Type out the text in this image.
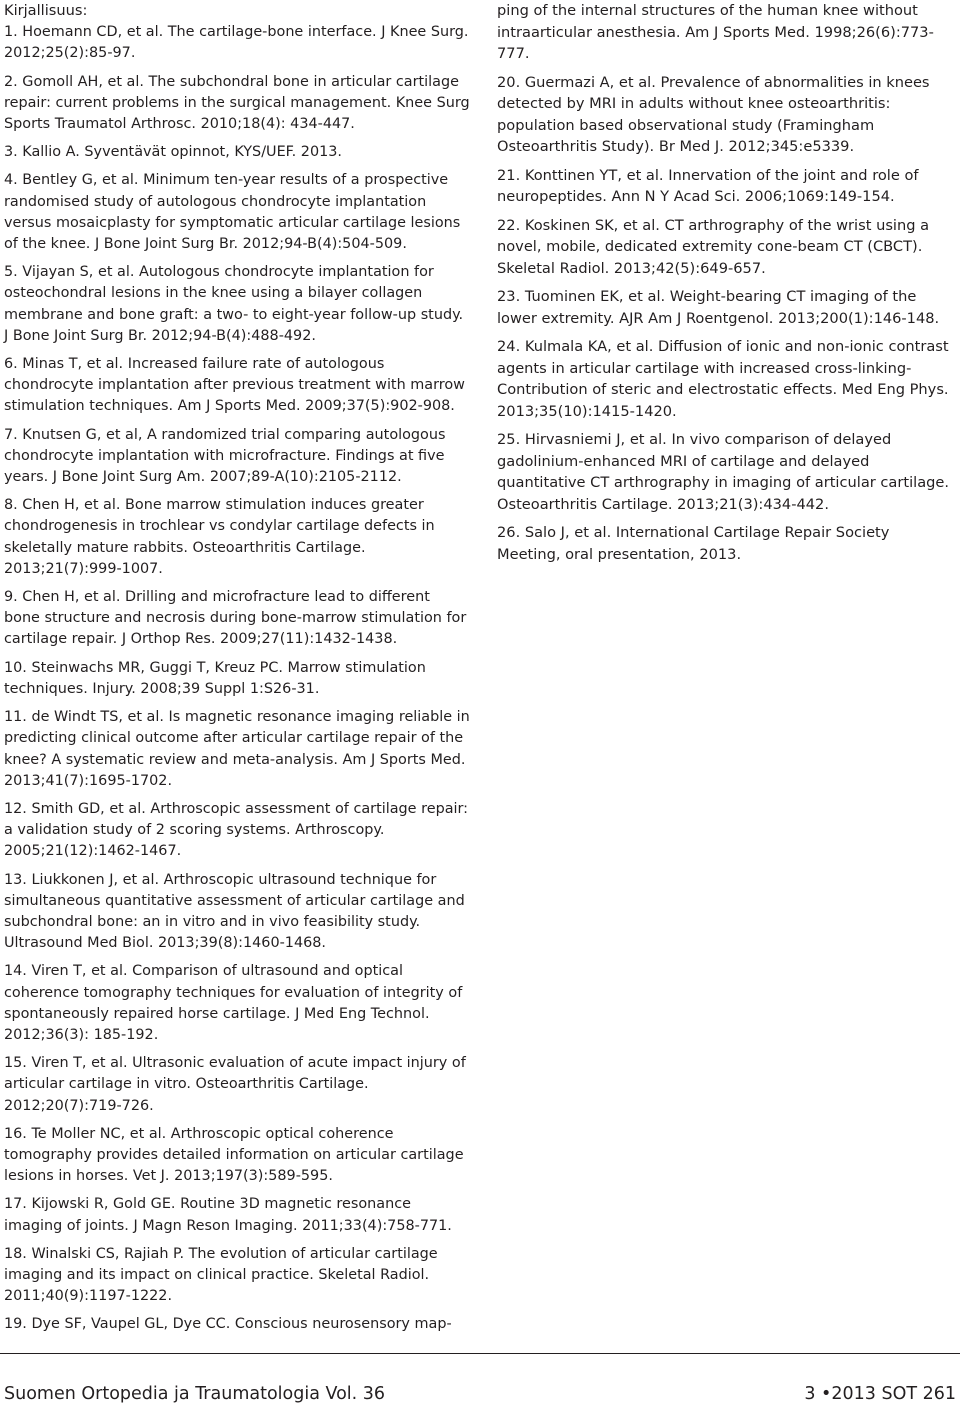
Kirjallisuus:
1. Hoemann CD, et al. The cartilage-bone interface. J Knee Surg. 2012;25(2):85-97.
2. Gomoll AH, et al. The subchondral bone in articular cartilage repair: current problems in the surgical management. Knee Surg Sports Traumatol Arthrosc. 2010;18(4): 434-447.
3. Kallio A. Syventävät opinnot, KYS/UEF. 2013.
4. Bentley G, et al. Minimum ten-year results of a prospective randomised study of autologous chondrocyte implantation versus mosaicplasty for symptomatic articular cartilage lesions of the knee. J Bone Joint Surg Br. 2012;94-B(4):504-509.
5. Vijayan S, et al. Autologous chondrocyte implantation for osteochondral lesions in the knee using a bilayer collagen membrane and bone graft: a two- to eight-year follow-up study. J Bone Joint Surg Br. 2012;94-B(4):488-492.
6. Minas T, et al. Increased failure rate of autologous chondrocyte implantation after previous treatment with marrow stimulation techniques. Am J Sports Med. 2009;37(5):902-908.
7. Knutsen G, et al, A randomized trial comparing autologous chondrocyte implantation with microfracture. Findings at five years. J Bone Joint Surg Am. 2007;89-A(10):2105-2112.
8. Chen H, et al. Bone marrow stimulation induces greater chondrogenesis in trochlear vs condylar cartilage defects in skeletally mature rabbits. Osteoarthritis Cartilage. 2013;21(7):999-1007.
9. Chen H, et al. Drilling and microfracture lead to different bone structure and necrosis during bone-marrow stimulation for cartilage repair. J Orthop Res. 2009;27(11):1432-1438.
10. Steinwachs MR, Guggi T, Kreuz PC. Marrow stimulation techniques. Injury. 2008;39 Suppl 1:S26-31.
11. de Windt TS, et al. Is magnetic resonance imaging reliable in predicting clinical outcome after articular cartilage repair of the knee? A systematic review and meta-analysis. Am J Sports Med. 2013;41(7):1695-1702.
12. Smith GD, et al. Arthroscopic assessment of cartilage repair: a validation study of 2 scoring systems. Arthroscopy. 2005;21(12):1462-1467.
13. Liukkonen J, et al. Arthroscopic ultrasound technique for simultaneous quantitative assessment of articular cartilage and subchondral bone: an in vitro and in vivo feasibility study. Ultrasound Med Biol. 2013;39(8):1460-1468.
14. Viren T, et al. Comparison of ultrasound and optical coherence tomography techniques for evaluation of integrity of spontaneously repaired horse cartilage. J Med Eng Technol. 2012;36(3): 185-192.
15. Viren T, et al. Ultrasonic evaluation of acute impact injury of articular cartilage in vitro. Osteoarthritis Cartilage. 2012;20(7):719-726.
16. Te Moller NC, et al. Arthroscopic optical coherence tomography provides detailed information on articular cartilage lesions in horses. Vet J. 2013;197(3):589-595.
17. Kijowski R, Gold GE. Routine 3D magnetic resonance imaging of joints. J Magn Reson Imaging. 2011;33(4):758-771.
18. Winalski CS, Rajiah P. The evolution of articular cartilage imaging and its impact on clinical practice. Skeletal Radiol. 2011;40(9):1197-1222.
19. Dye SF, Vaupel GL, Dye CC. Conscious neurosensory map-
ping of the internal structures of the human knee without intraarticular anesthesia. Am J Sports Med. 1998;26(6):773-777.
20. Guermazi A, et al. Prevalence of abnormalities in knees detected by MRI in adults without knee osteoarthritis: population based observational study (Framingham Osteoarthritis Study). Br Med J. 2012;345:e5339.
21. Konttinen YT, et al. Innervation of the joint and role of neuropeptides. Ann N Y Acad Sci. 2006;1069:149-154.
22. Koskinen SK, et al. CT arthrography of the wrist using a novel, mobile, dedicated extremity cone-beam CT (CBCT). Skeletal Radiol. 2013;42(5):649-657.
23. Tuominen EK, et al. Weight-bearing CT imaging of the lower extremity. AJR Am J Roentgenol. 2013;200(1):146-148.
24. Kulmala KA, et al. Diffusion of ionic and non-ionic contrast agents in articular cartilage with increased cross-linking-Contribution of steric and electrostatic effects. Med Eng Phys. 2013;35(10):1415-1420.
25. Hirvasniemi J, et al. In vivo comparison of delayed gadolinium-enhanced MRI of cartilage and delayed quantitative CT arthrography in imaging of articular cartilage. Osteoarthritis Cartilage. 2013;21(3):434-442.
26. Salo J, et al. International Cartilage Repair Society Meeting, oral presentation, 2013.
Suomen Ortopedia ja Traumatologia Vol. 36	3 •2013 SOT 261
